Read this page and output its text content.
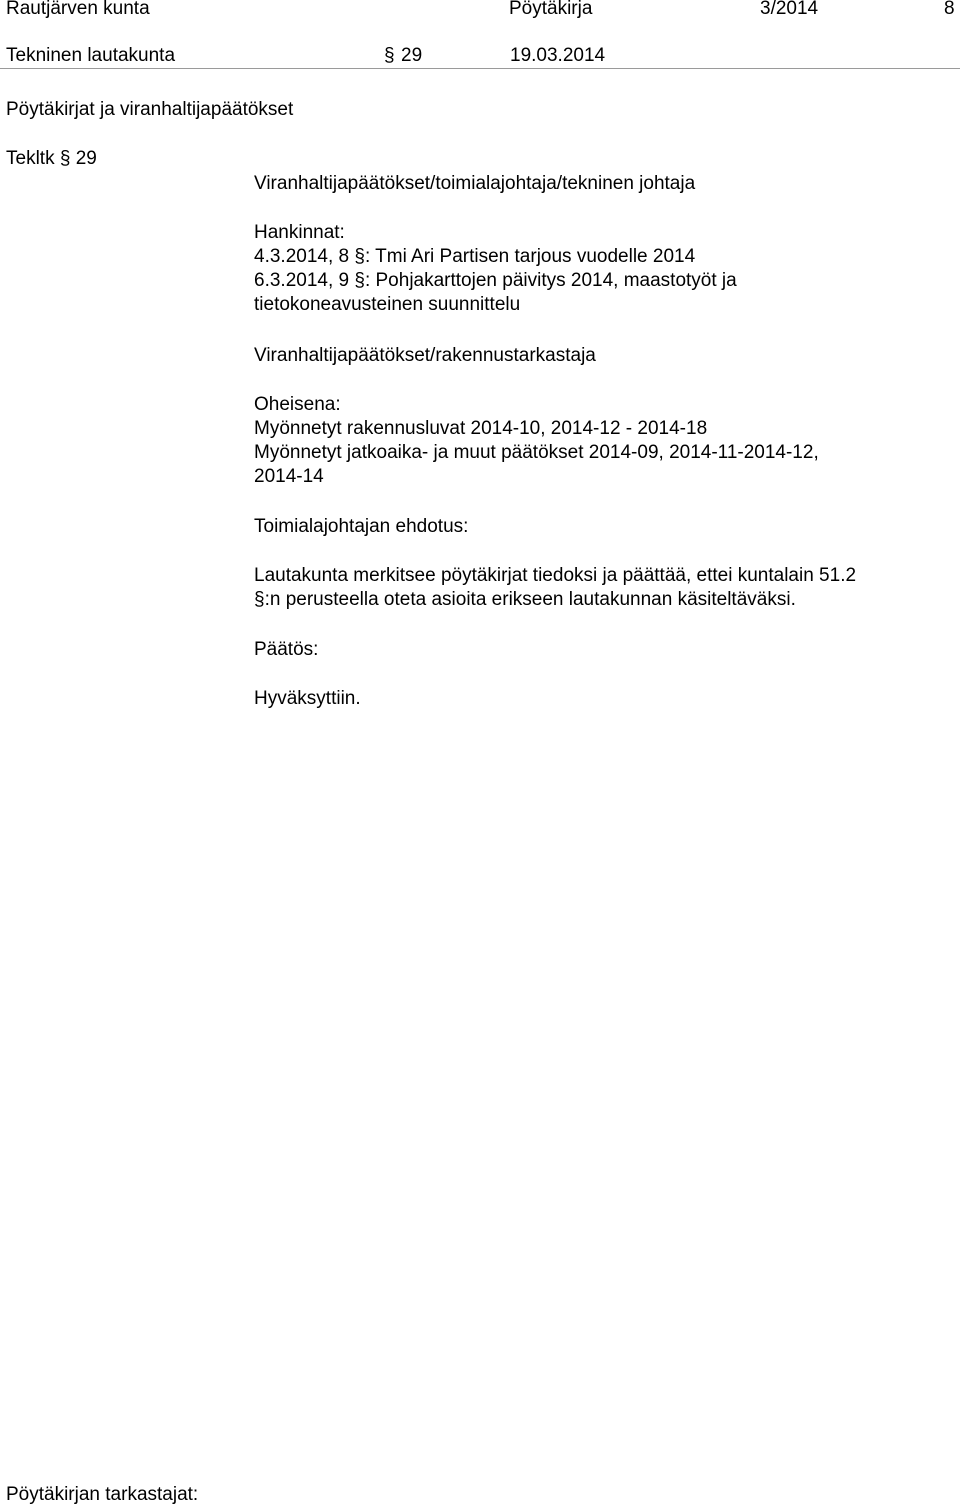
Rautjärven kunta	Pöytäkirja	3/2014	8
Tekninen lautakunta	§ 29	19.03.2014
Pöytäkirjat ja viranhaltijapäätökset
Tekltk § 29
Viranhaltijapäätökset/toimialajohtaja/tekninen johtaja
Hankinnat:
4.3.2014, 8 §: Tmi Ari Partisen tarjous vuodelle 2014
6.3.2014, 9 §: Pohjakarttojen päivitys 2014, maastotyöt ja
tietokoneavusteinen suunnittelu
Viranhaltijapäätökset/rakennustarkastaja
Oheisena:
Myönnetyt rakennusluvat 2014-10, 2014-12 - 2014-18
Myönnetyt jatkoaika- ja muut päätökset 2014-09, 2014-11-2014-12,
2014-14
Toimialajohtajan ehdotus:
Lautakunta merkitsee pöytäkirjat tiedoksi ja päättää, ettei kuntalain 51.2
§:n perusteella oteta asioita erikseen lautakunnan käsiteltäväksi.
Päätös:
Hyväksyttiin.
Pöytäkirjan tarkastajat:
